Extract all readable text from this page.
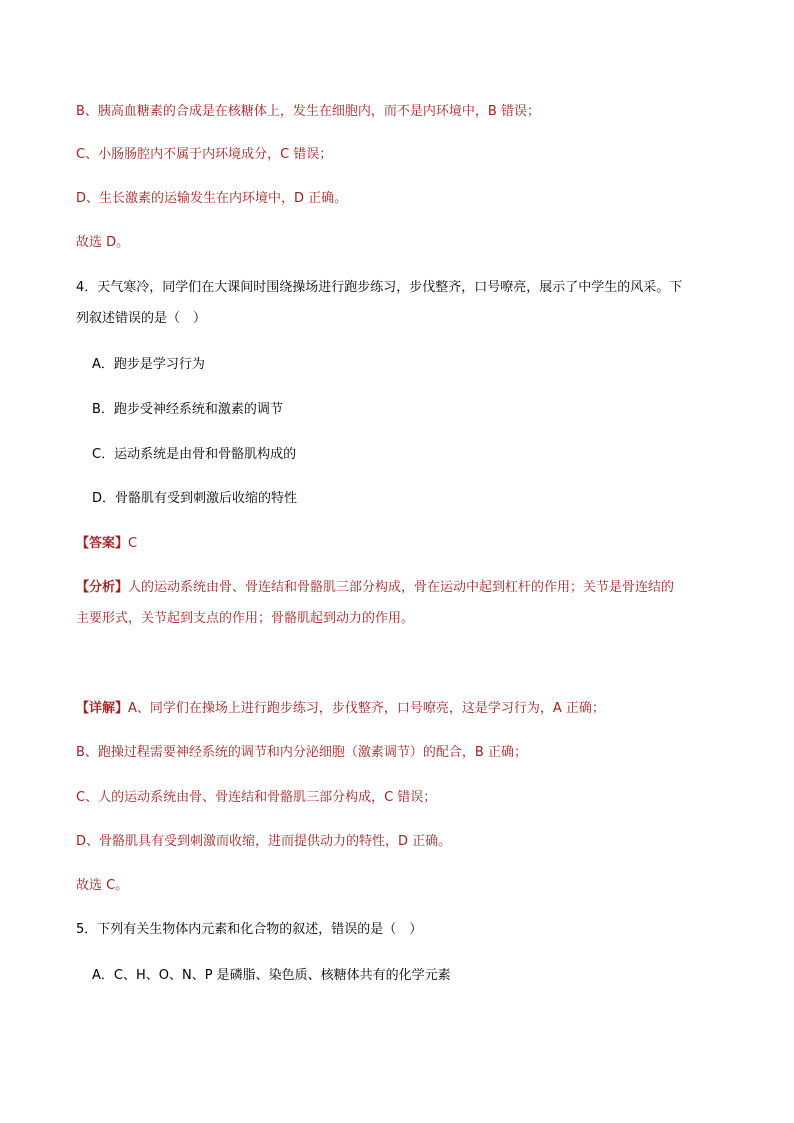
B、胰高血糖素的合成是在核糖体上，发生在细胞内，而不是内环境中，B 错误；
C、小肠肠腔内不属于内环境成分，C 错误；
D、生长激素的运输发生在内环境中，D 正确。
故选 D。
4．天气寒冷，同学们在大课间时围绕操场进行跑步练习，步伐整齐，口号嘹亮，展示了中学生的风采。下
列叙述错误的是（　）
A．跑步是学习行为
B．跑步受神经系统和激素的调节
C．运动系统是由骨和骨骼肌构成的
D．骨骼肌有受到刺激后收缩的特性
【答案】C
【分析】人的运动系统由骨、骨连结和骨骼肌三部分构成，骨在运动中起到杠杆的作用；关节是骨连结的
主要形式，关节起到支点的作用；骨骼肌起到动力的作用。
【详解】A、同学们在操场上进行跑步练习，步伐整齐，口号嘹亮，这是学习行为，A 正确；
B、跑操过程需要神经系统的调节和内分泌细胞（激素调节）的配合，B 正确；
C、人的运动系统由骨、骨连结和骨骼肌三部分构成，C 错误；
D、骨骼肌具有受到刺激而收缩，进而提供动力的特性，D 正确。
故选 C。
5．下列有关生物体内元素和化合物的叙述，错误的是（　）
A．C、H、O、N、P 是磷脂、染色质、核糖体共有的化学元素
